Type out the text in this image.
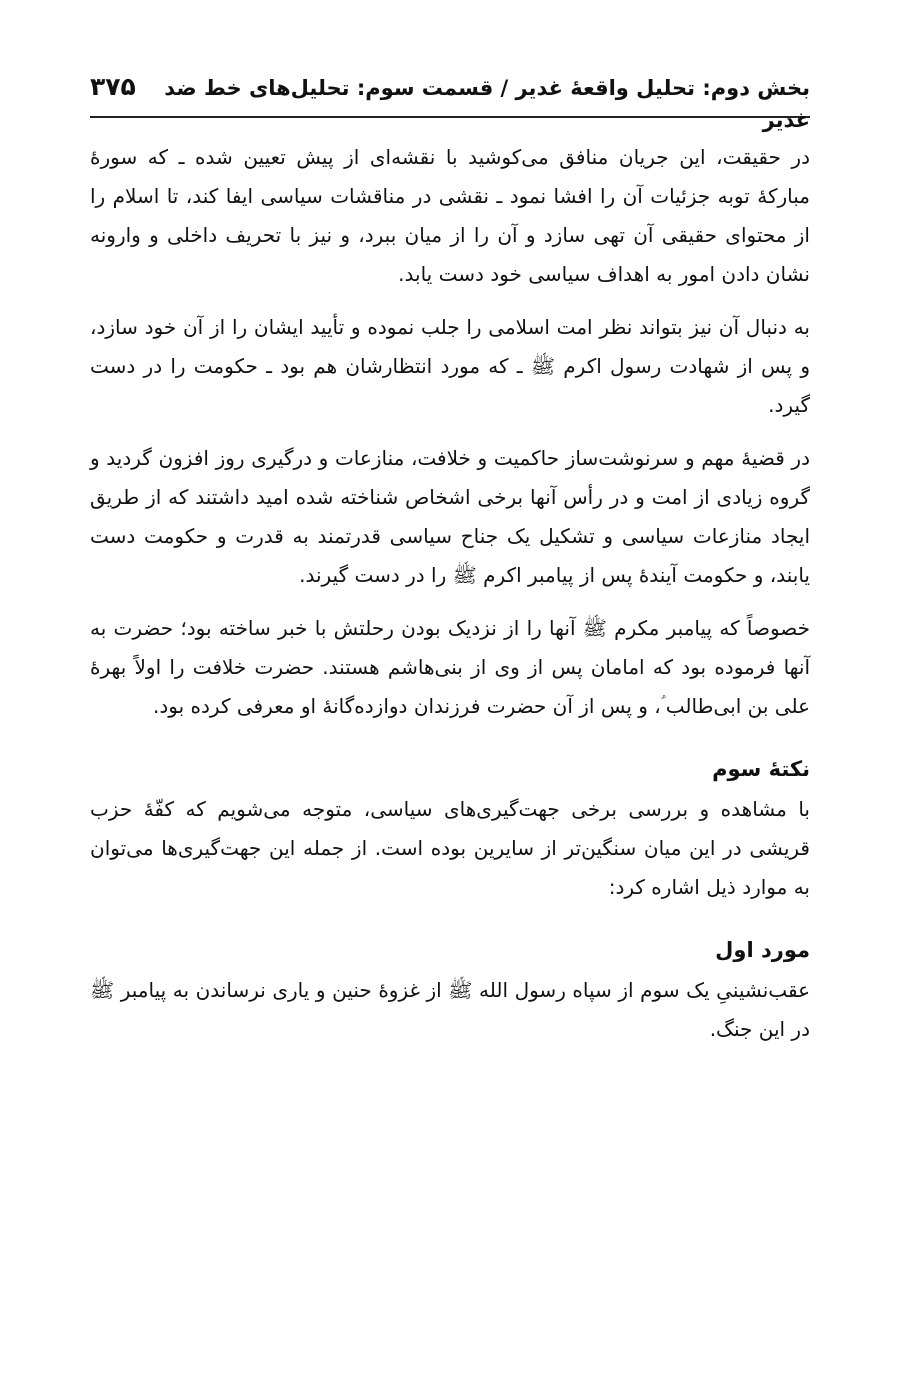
بخش دوم: تحلیل واقعهٔ غدیر / قسمت سوم: تحلیل‌های خط ضد غدیر
۳۷۵

در حقیقت، این جریان منافق می‌کوشید با نقشه‌ای از پیش تعیین شده ـ که سورهٔ مبارکهٔ توبه جزئیات آن را افشا نمود ـ نقشی در مناقشات سیاسی ایفا کند، تا اسلام را از محتوای حقیقی آن تهی سازد و آن را از میان ببرد، و نیز با تحریف داخلی و وارونه نشان دادن امور به اهداف سیاسی خود دست یابد.

به دنبال آن نیز بتواند نظر امت اسلامی را جلب نموده و تأیید ایشان را از آن خود سازد، و پس از شهادت رسول اکرم ﷺ ـ که مورد انتظارشان هم بود ـ حکومت را در دست گیرد.

در قضیهٔ مهم و سرنوشت‌ساز حاکمیت و خلافت، منازعات و درگیری روز افزون گردید و گروه زیادی از امت و در رأس آنها برخی اشخاص شناخته شده امید داشتند که از طریق ایجاد منازعات سیاسی و تشکیل یک جناح سیاسی قدرتمند به قدرت و حکومت دست یابند، و حکومت آیندهٔ پس از پیامبر اکرم ﷺ را در دست گیرند.

خصوصاً که پیامبر مکرم ﷺ آنها را از نزدیک بودن رحلتش با خبر ساخته بود؛ حضرت به آنها فرموده بود که امامان پس از وی از بنی‌هاشم هستند. حضرت خلافت را اولاً بهرهٔ علی بن ابی‌طالب ؑ، و پس از آن حضرت فرزندان دوازده‌گانهٔ او معرفی کرده بود.

نکتهٔ سوم

با مشاهده و بررسی برخی جهت‌گیری‌های سیاسی، متوجه می‌شویم که کفّهٔ حزب قریشی در این میان سنگین‌تر از سایرین بوده است. از جمله این جهت‌گیری‌ها می‌توان به موارد ذیل اشاره کرد:

مورد اول

عقب‌نشینیِ یک سوم از سپاه رسول الله ﷺ از غزوهٔ حنین و یاری نرساندن به پیامبر ﷺ در این جنگ.
